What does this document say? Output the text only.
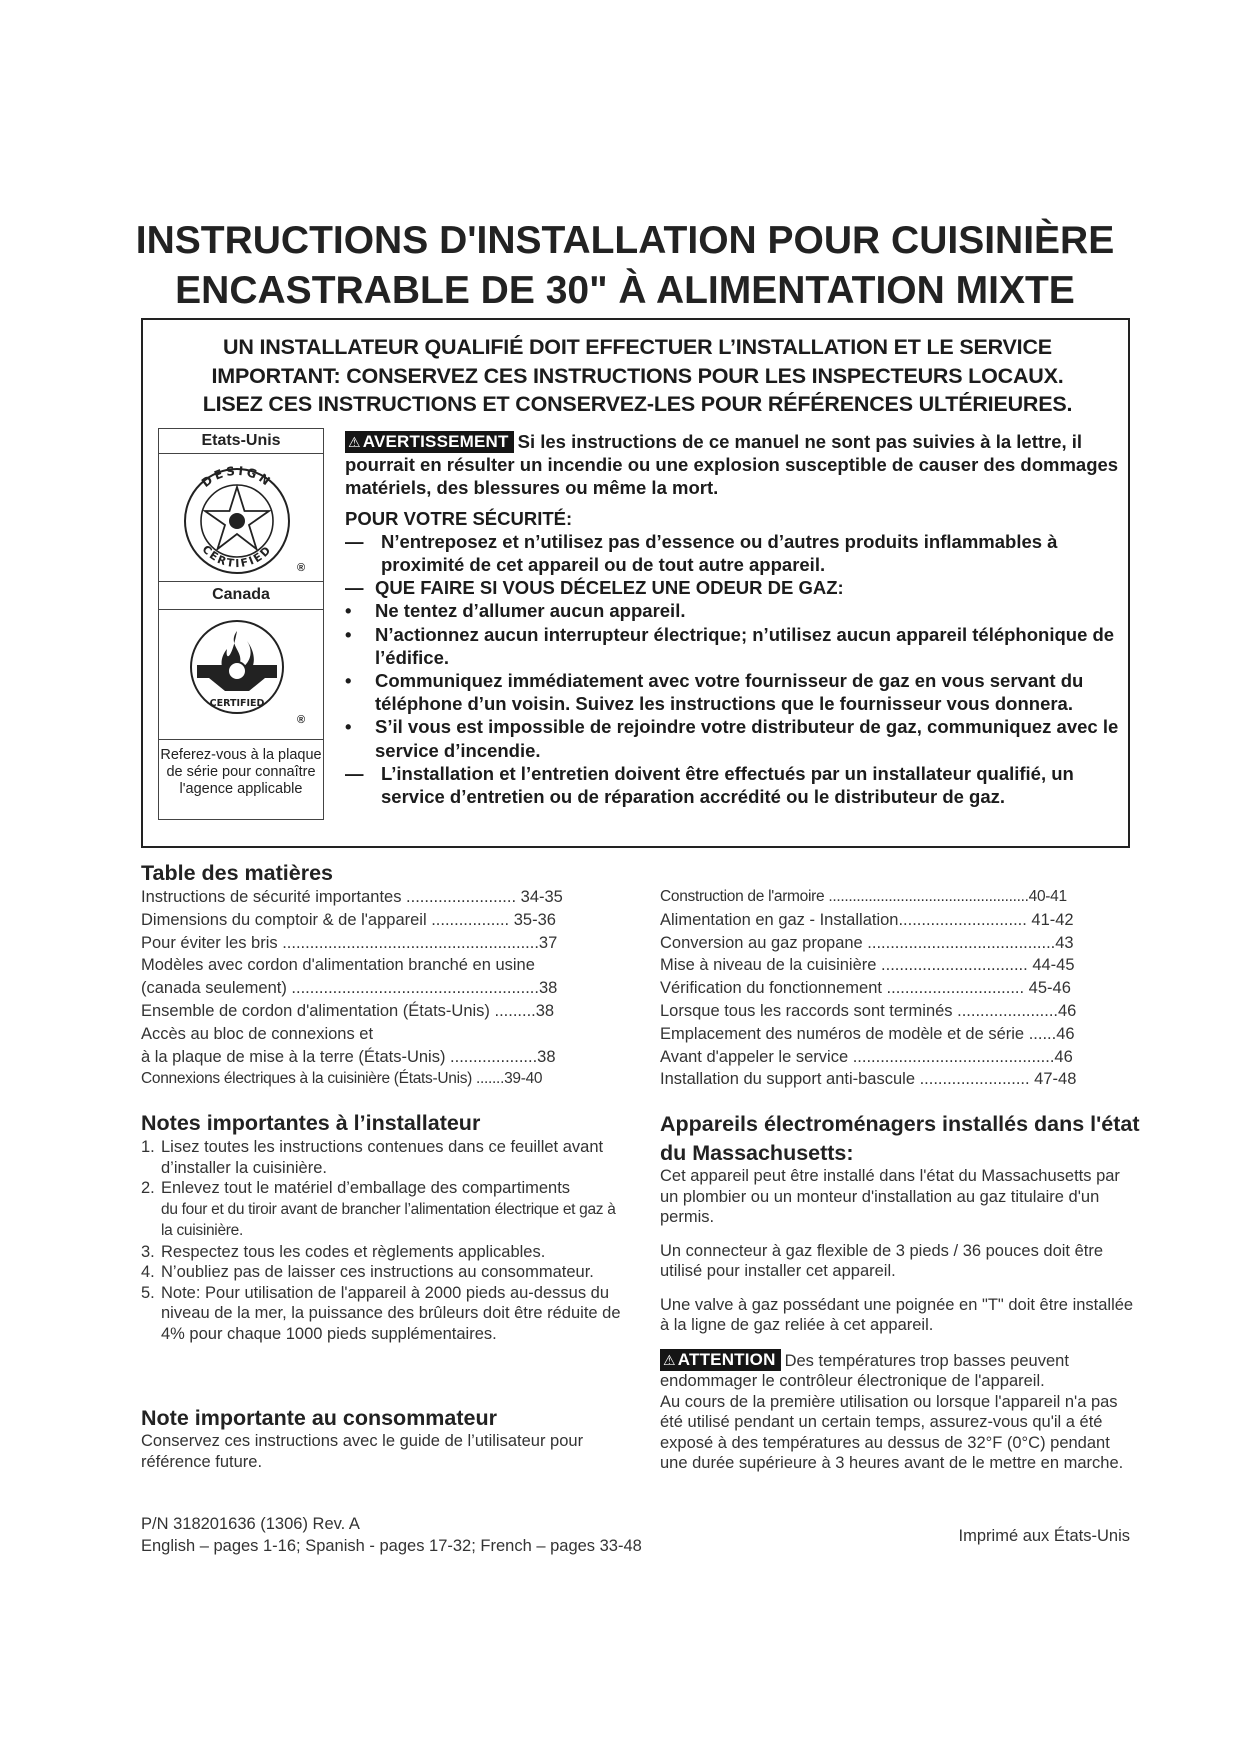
INSTRUCTIONS D'INSTALLATION POUR CUISINIÈRE
ENCASTRABLE DE 30" À ALIMENTATION MIXTE
UN INSTALLATEUR QUALIFIÉ DOIT EFFECTUER L’INSTALLATION ET LE SERVICE
IMPORTANT: CONSERVEZ CES INSTRUCTIONS POUR LES INSPECTEURS LOCAUX.
LISEZ CES INSTRUCTIONS ET CONSERVEZ-LES POUR RÉFÉRENCES ULTÉRIEURES.
Etats-Unis
DESIGN
CERTIFIED
®
Canada
CERTIFIED
®
Referez-vous à la plaque de série pour connaître l'agence applicable
⚠ AVERTISSEMENT Si les instructions de ce manuel ne sont pas suivies à la lettre, il pourrait en résulter un incendie ou une explosion susceptible de causer des dommages matériels, des blessures ou même la mort.
POUR VOTRE SÉCURITÉ:
— N’entreposez et n’utilisez pas d’essence ou d’autres produits inflammables à proximité de cet appareil ou de tout autre appareil.
— QUE FAIRE SI VOUS DÉCELEZ UNE ODEUR DE GAZ:
•	Ne tentez d’allumer aucun appareil.
•	N’actionnez aucun interrupteur électrique; n’utilisez aucun appareil téléphonique de l’édifice.
•	Communiquez immédiatement avec votre fournisseur de gaz en vous servant du téléphone d’un voisin. Suivez les instructions que le fournisseur vous donnera.
•	S’il vous est impossible de rejoindre votre distributeur de gaz, communiquez avec le service d’incendie.
— L’installation et l’entretien doivent être effectués par un installateur qualifié, un service d’entretien ou de réparation accrédité ou le distributeur de gaz.
Table des matières
Instructions de sécurité importantes ........................ 34-35
Dimensions du comptoir & de l'appareil ................. 35-36
Pour éviter les bris ........................................................37
Modèles avec cordon d'alimentation branché en usine
(canada seulement) ......................................................38
Ensemble de cordon d'alimentation (États-Unis) .........38
Accès au bloc de connexions et
à la plaque de mise à la terre (États-Unis) ...................38
Connexions électriques à la cuisinière (États-Unis) .......39-40
Construction de l'armoire ..................................................40-41
Alimentation en gaz - Installation............................ 41-42
Conversion au gaz propane .........................................43
Mise à niveau de la cuisinière ................................ 44-45
Vérification du fonctionnement .............................. 45-46
Lorsque tous les raccords sont terminés ......................46
Emplacement des numéros de modèle et de série ......46
Avant d'appeler le service ............................................46
Installation du support anti-bascule ........................ 47-48
Notes importantes à l’installateur
1. Lisez toutes les instructions contenues dans ce feuillet avant d’installer la cuisinière.
2. Enlevez tout le matériel d’emballage des compartiments
du four et du tiroir avant de brancher l’alimentation électrique et gaz à la cuisinière.
3. Respectez tous les codes et règlements applicables.
4. N’oubliez pas de laisser ces instructions au consommateur.
5. Note: Pour utilisation de l'appareil à 2000 pieds au-dessus du niveau de la mer, la puissance des brûleurs doit être réduite de 4% pour chaque 1000 pieds supplémentaires.
Note importante au consommateur
Conservez ces instructions avec le guide de l’utilisateur pour référence future.
Appareils électroménagers installés dans l'état du Massachusetts:
Cet appareil peut être installé dans l'état du Massachusetts par un plombier ou un monteur d'installation au gaz titulaire d'un permis.
Un connecteur à gaz flexible de 3 pieds / 36 pouces doit être utilisé pour installer cet appareil.
Une valve à gaz possédant une poignée en "T" doit être installée à la ligne de gaz reliée à cet appareil.
⚠ ATTENTION Des températures trop basses peuvent endommager le contrôleur électronique de l'appareil.
Au cours de la première utilisation ou lorsque l'appareil n'a pas été utilisé pendant un certain temps, assurez-vous qu'il a été exposé à des températures au dessus de 32°F (0°C) pendant une durée supérieure à 3 heures avant de le mettre en marche.
P/N 318201636 (1306) Rev. A
English – pages 1-16; Spanish - pages 17-32; French – pages 33-48
Imprimé aux États-Unis
